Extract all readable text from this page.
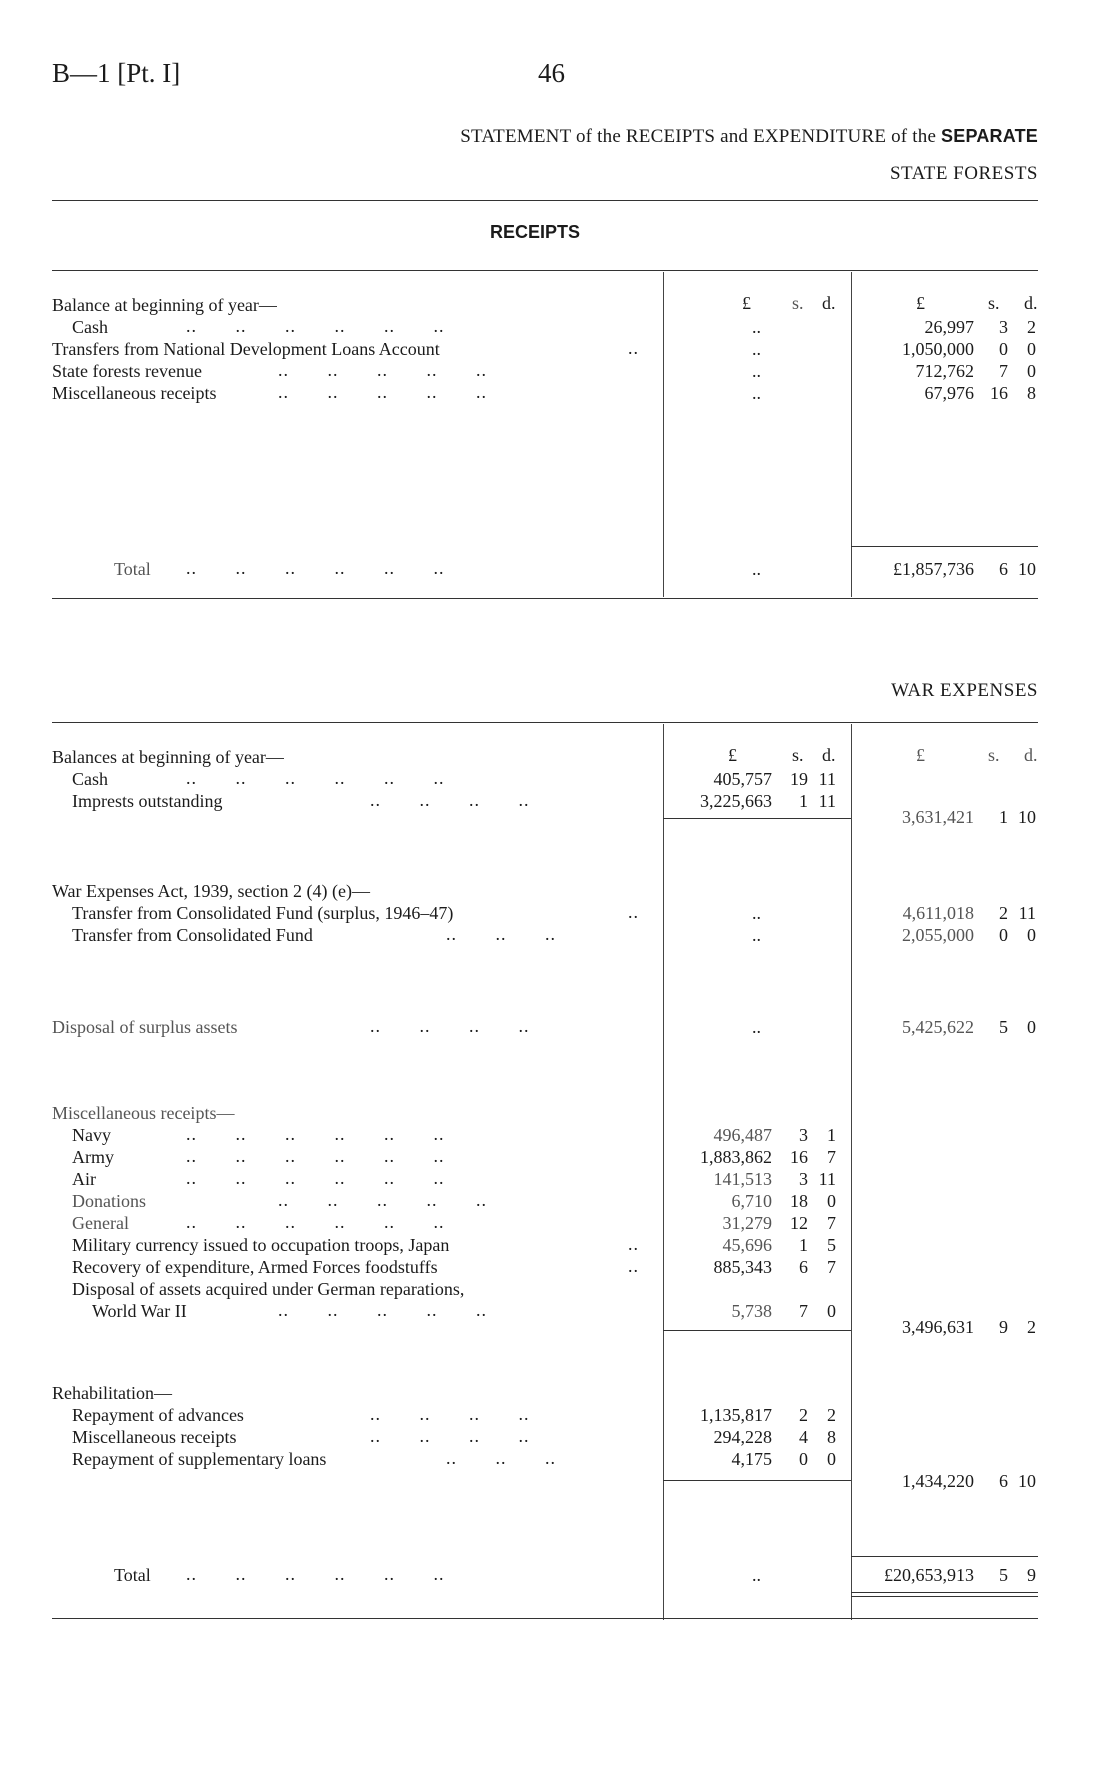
B—1 [Pt. I]	46
STATEMENT of the RECEIPTS and EXPENDITURE of the SEPARATE
STATE FORESTS
RECEIPTS
£ s. d.	£	s. d.
Balance at beginning of year—
Cash	..       ..       ..       ..       ..       ..	..	26,997 3 2
Transfers from National Development Loans Account	..	..	1,050,000 0 0
State forests revenue	..       ..       ..       ..       ..	..	712,762 7 0
Miscellaneous receipts	..       ..       ..       ..       ..	..	67,976 16 8
Total ..       ..       ..       ..       ..       ..	..	£1,857,736 6 10
WAR EXPENSES
£	s. d.	£	s. d.
Balances at beginning of year—
Cash	..       ..       ..       ..       ..       ..	405,757 19 11
Imprests outstanding	..       ..       ..       ..	3,225,663 1 11
3,631,421 1 10
War Expenses Act, 1939, section 2 (4) (e)—
Transfer from Consolidated Fund (surplus, 1946–47)	..	..	4,611,018 2 11
Transfer from Consolidated Fund	..       ..       ..	..	2,055,000 0 0
Disposal of surplus assets	..       ..       ..       ..	..	5,425,622 5 0
Miscellaneous receipts—
Navy	..       ..       ..       ..       ..       ..	496,487 3 1
Army	..       ..       ..       ..       ..       ..	1,883,862 16 7
Air	..       ..       ..       ..       ..       ..	141,513 3 11
Donations	..       ..       ..       ..       ..	6,710 18 0
General	..       ..       ..       ..       ..       ..	31,279 12 7
Military currency issued to occupation troops, Japan	..	45,696 1 5
Recovery of expenditure, Armed Forces foodstuffs	..	885,343 6 7
Disposal of assets acquired under German reparations,
World War II	..       ..       ..       ..       ..	5,738 7 0
3,496,631 9 2
Rehabilitation—
Repayment of advances	..       ..       ..       ..	1,135,817 2 2
Miscellaneous receipts	..       ..       ..       ..	294,228 4 8
Repayment of supplementary loans	..       ..       ..	4,175 0 0
1,434,220 6 10
Total ..       ..       ..       ..       ..       ..	..	£20,653,913 5 9
